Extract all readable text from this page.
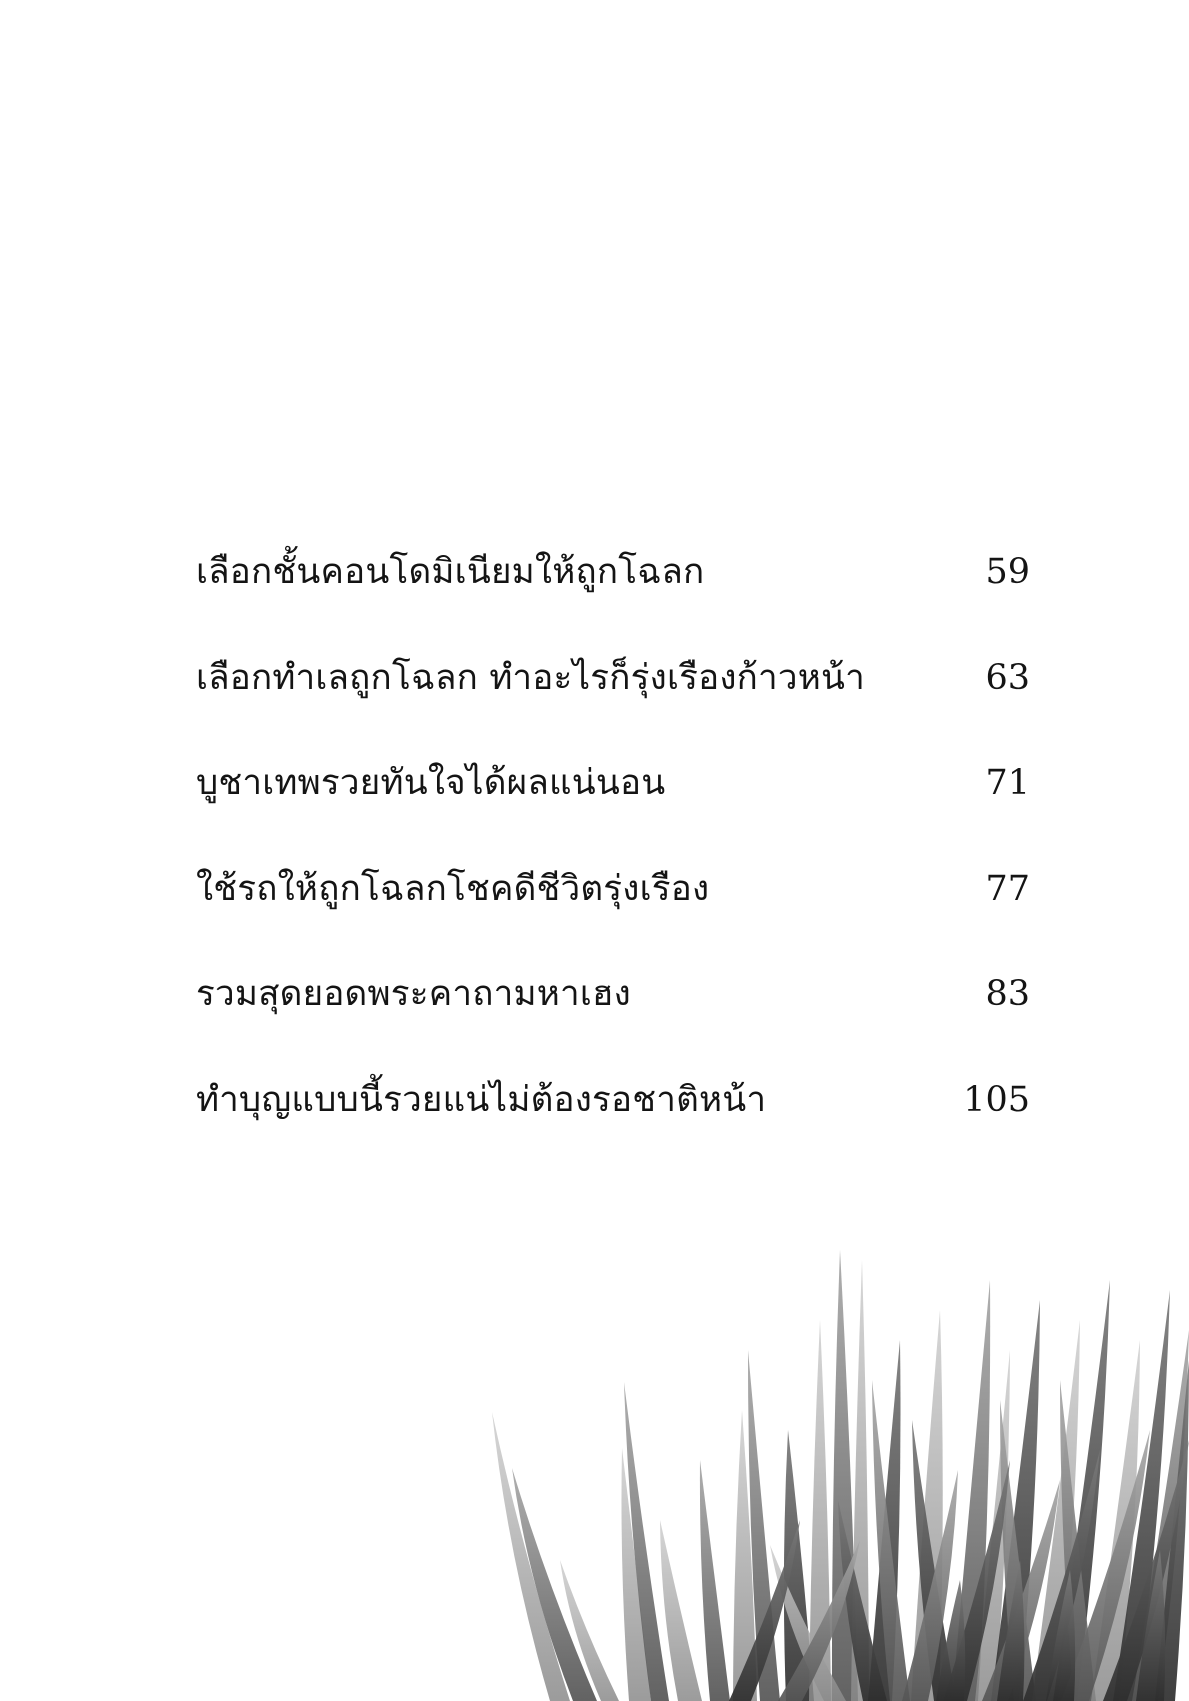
เลือกชั้นคอนโดมิเนียมให้ถูกโฉลก	59
เลือกทำเลถูกโฉลก ทำอะไรก็รุ่งเรืองก้าวหน้า	63
บูชาเทพรวยทันใจได้ผลแน่นอน	71
ใช้รถให้ถูกโฉลกโชคดีชีวิตรุ่งเรือง	77
รวมสุดยอดพระคาถามหาเฮง	83
ทำบุญแบบนี้รวยแน่ไม่ต้องรอชาติหน้า	105
